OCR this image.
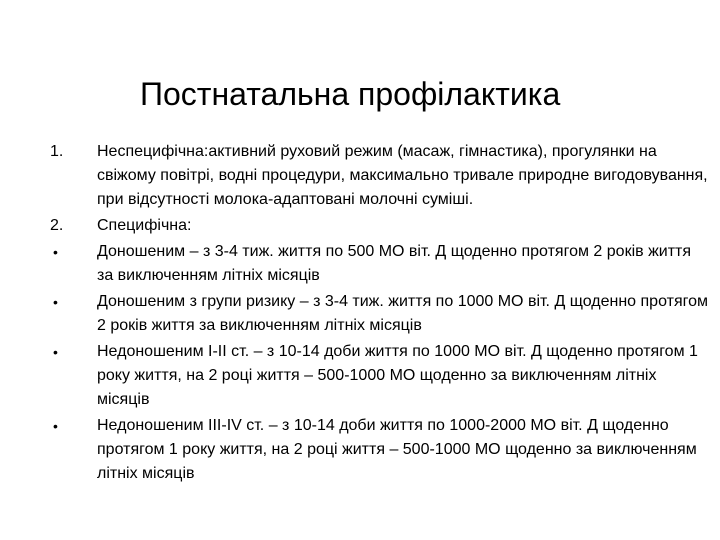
Постнатальна профілактика
1.	Неспецифічна:активний руховий режим (масаж, гімнастика), прогулянки на свіжому повітрі, водні процедури, максимально тривале природне вигодовування, при відсутності молока-адаптовані молочні суміші.
2.	Специфічна:
•	Доношеним – з 3-4 тиж. життя по 500 МО віт. Д щоденно протягом 2 років життя за виключенням літніх місяців
•	Доношеним з групи ризику – з 3-4 тиж. життя по 1000 МО віт. Д щоденно протягом 2 років життя за виключенням літніх місяців
•	Недоношеним І-ІІ ст. – з 10-14 доби життя по 1000 МО віт. Д щоденно протягом 1 року життя, на 2 році життя – 500-1000 МО щоденно за виключенням літніх місяців
•	Недоношеним ІІІ-ІV ст. – з 10-14 доби життя по 1000-2000 МО віт. Д щоденно протягом 1 року життя, на 2 році життя – 500-1000 МО щоденно за виключенням літніх місяців
